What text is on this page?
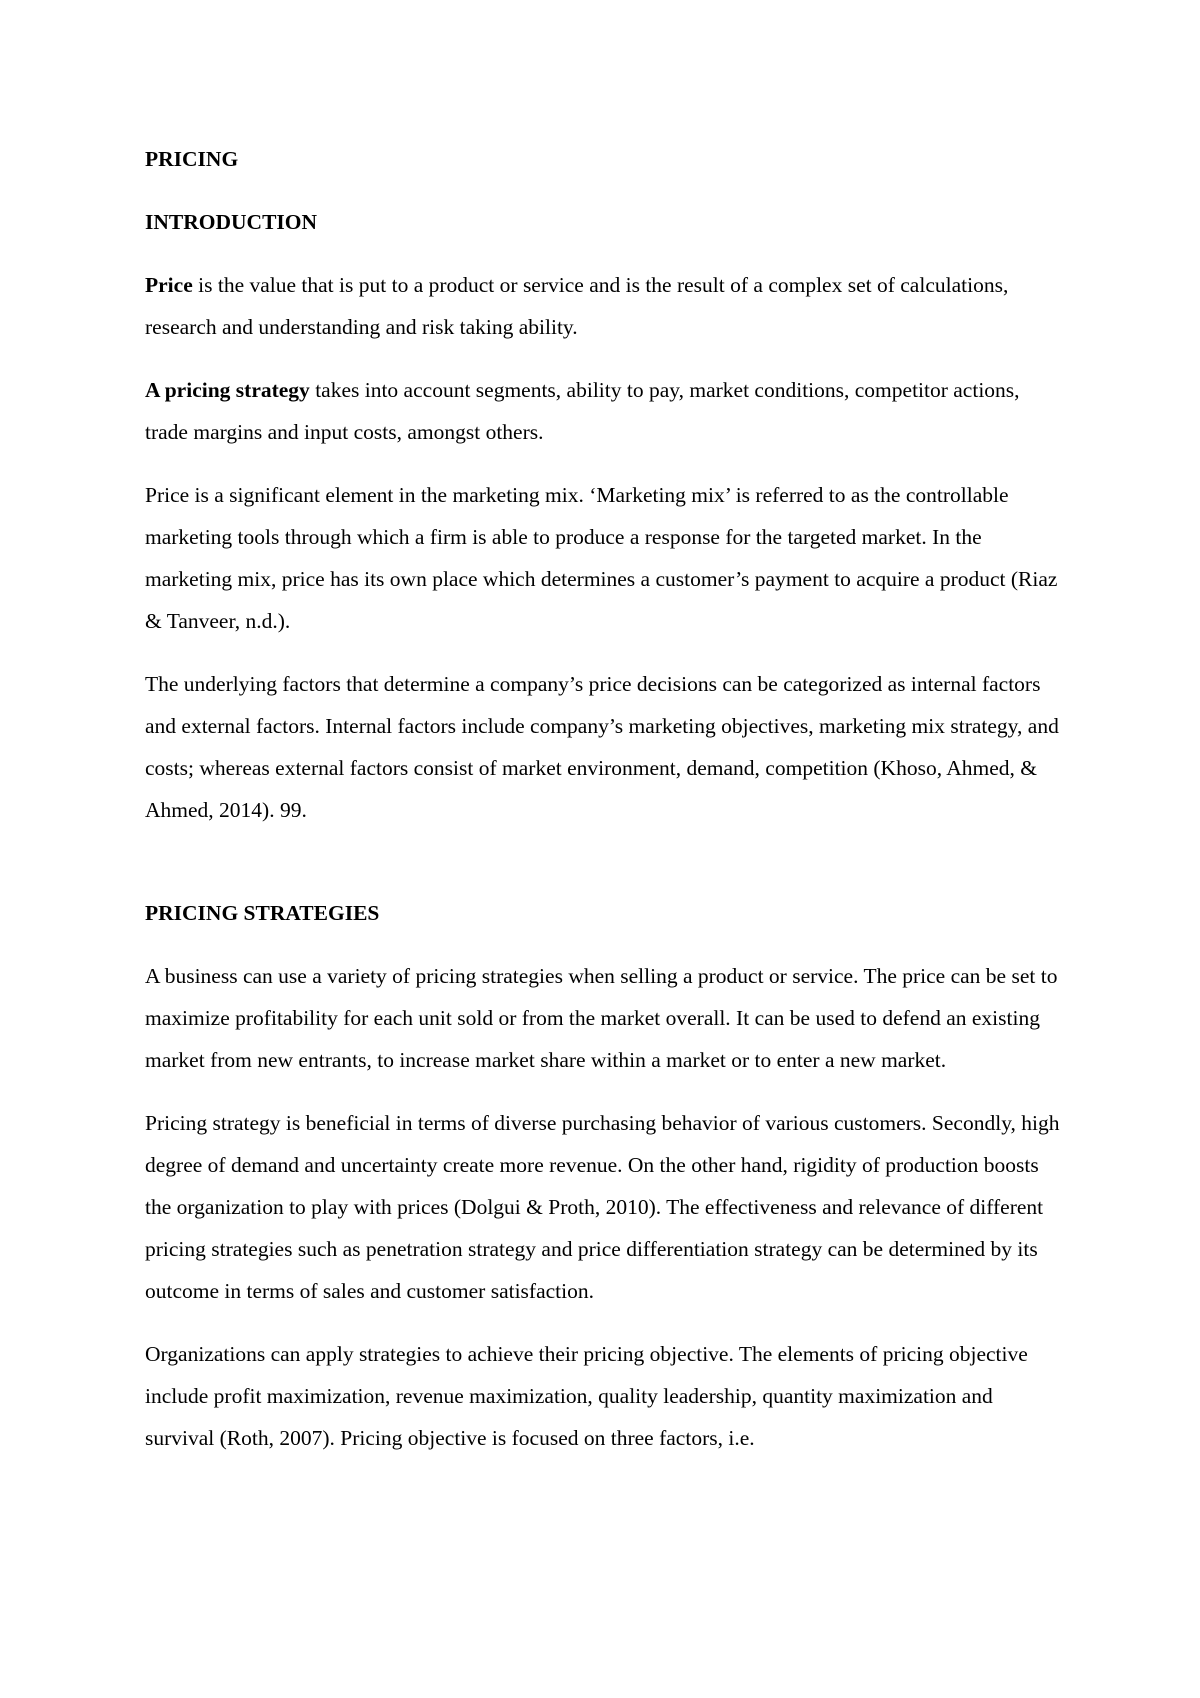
PRICING
INTRODUCTION

Price is the value that is put to a product or service and is the result of a complex set of calculations, research and understanding and risk taking ability.

A pricing strategy takes into account segments, ability to pay, market conditions, competitor actions, trade margins and input costs, amongst others.

Price is a significant element in the marketing mix. ‘Marketing mix’ is referred to as the controllable marketing tools through which a firm is able to produce a response for the targeted market. In the marketing mix, price has its own place which determines a customer’s payment to acquire a product (Riaz & Tanveer, n.d.).

The underlying factors that determine a company’s price decisions can be categorized as internal factors and external factors. Internal factors include company’s marketing objectives, marketing mix strategy, and costs; whereas external factors consist of market environment, demand, competition (Khoso, Ahmed, & Ahmed, 2014). 99.

PRICING STRATEGIES

A business can use a variety of pricing strategies when selling a product or service. The price can be set to maximize profitability for each unit sold or from the market overall. It can be used to defend an existing market from new entrants, to increase market share within a market or to enter a new market.

Pricing strategy is beneficial in terms of diverse purchasing behavior of various customers. Secondly, high degree of demand and uncertainty create more revenue. On the other hand, rigidity of production boosts the organization to play with prices (Dolgui & Proth, 2010). The effectiveness and relevance of different pricing strategies such as penetration strategy and price differentiation strategy can be determined by its outcome in terms of sales and customer satisfaction.

Organizations can apply strategies to achieve their pricing objective. The elements of pricing objective include profit maximization, revenue maximization, quality leadership, quantity maximization and survival (Roth, 2007). Pricing objective is focused on three factors, i.e.
